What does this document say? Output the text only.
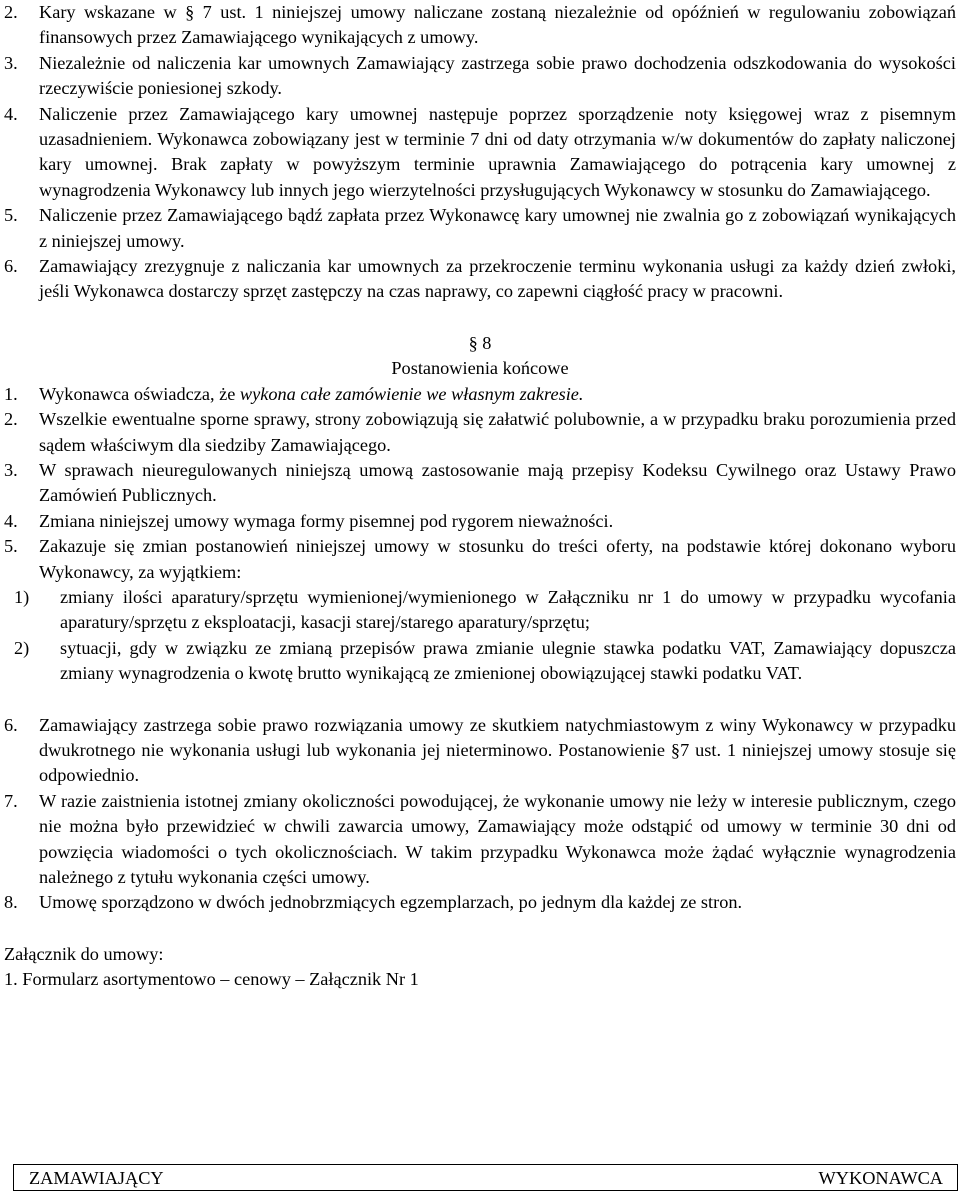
2. Kary wskazane w § 7 ust. 1 niniejszej umowy naliczane zostaną niezależnie od opóźnień w regulowaniu zobowiązań finansowych przez Zamawiającego wynikających z umowy.
3. Niezależnie od naliczenia kar umownych Zamawiający zastrzega sobie prawo dochodzenia odszkodowania do wysokości rzeczywiście poniesionej szkody.
4. Naliczenie przez Zamawiającego kary umownej następuje poprzez sporządzenie noty księgowej wraz z pisemnym uzasadnieniem. Wykonawca zobowiązany jest w terminie 7 dni od daty otrzymania w/w dokumentów do zapłaty naliczonej kary umownej. Brak zapłaty w powyższym terminie uprawnia Zamawiającego do potrącenia kary umownej z wynagrodzenia Wykonawcy lub innych jego wierzytelności przysługujących Wykonawcy w stosunku do Zamawiającego.
5. Naliczenie przez Zamawiającego bądź zapłata przez Wykonawcę kary umownej nie zwalnia go z zobowiązań wynikających z niniejszej umowy.
6. Zamawiający zrezygnuje z naliczania kar umownych za przekroczenie terminu wykonania usługi za każdy dzień zwłoki, jeśli Wykonawca dostarczy sprzęt zastępczy na czas naprawy, co zapewni ciągłość pracy w pracowni.
§ 8
Postanowienia końcowe
1. Wykonawca oświadcza, że wykona całe zamówienie we własnym zakresie.
2. Wszelkie ewentualne sporne sprawy, strony zobowiązują się załatwić polubownie, a w przypadku braku porozumienia przed sądem właściwym dla siedziby Zamawiającego.
3. W sprawach nieuregulowanych niniejszą umową zastosowanie mają przepisy Kodeksu Cywilnego oraz Ustawy Prawo Zamówień Publicznych.
4. Zmiana niniejszej umowy wymaga formy pisemnej pod rygorem nieważności.
5. Zakazuje się zmian postanowień niniejszej umowy w stosunku do treści oferty, na podstawie której dokonano wyboru Wykonawcy, za wyjątkiem:
1) zmiany ilości aparatury/sprzętu wymienionej/wymienionego w Załączniku nr 1 do umowy w przypadku wycofania aparatury/sprzętu z eksploatacji, kasacji starej/starego aparatury/sprzętu;
2) sytuacji, gdy w związku ze zmianą przepisów prawa zmianie ulegnie stawka podatku VAT, Zamawiający dopuszcza zmiany wynagrodzenia o kwotę brutto wynikającą ze zmienionej obowiązującej stawki podatku VAT.
6. Zamawiający zastrzega sobie prawo rozwiązania umowy ze skutkiem natychmiastowym z winy Wykonawcy w przypadku dwukrotnego nie wykonania usługi lub wykonania jej nieterminowo. Postanowienie §7 ust. 1 niniejszej umowy stosuje się odpowiednio.
7. W razie zaistnienia istotnej zmiany okoliczności powodującej, że wykonanie umowy nie leży w interesie publicznym, czego nie można było przewidzieć w chwili zawarcia umowy, Zamawiający może odstąpić od umowy w terminie 30 dni od powzięcia wiadomości o tych okolicznościach. W takim przypadku Wykonawca może żądać wyłącznie wynagrodzenia należnego z tytułu wykonania części umowy.
8. Umowę sporządzono w dwóch jednobrzmiących egzemplarzach, po jednym dla każdej ze stron.
Załącznik do umowy:
1. Formularz asortymentowo – cenowy – Załącznik Nr 1
ZAMAWIAJĄCY	WYKONAWCA
